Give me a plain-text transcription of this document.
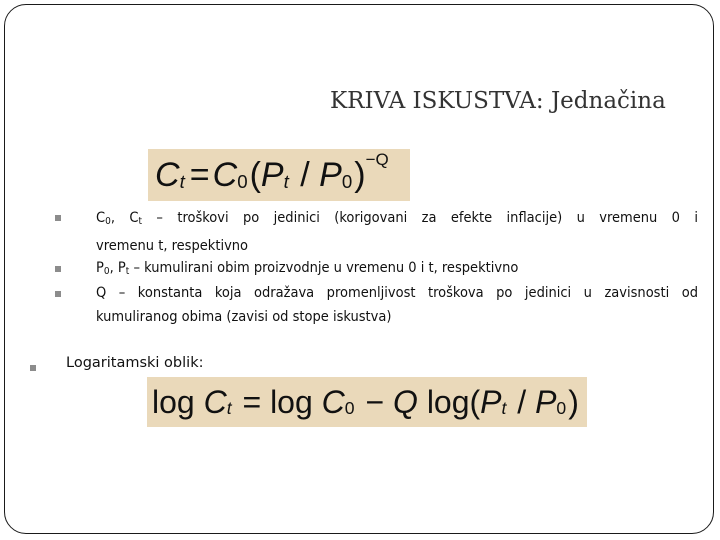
KRIVA ISKUSTVA: Jednačina
C t = C 0 ( P t / P 0 ) −Q
C0, Ct – troškovi po jedinici (korigovani za efekte inflacije) u vremenu 0 i
vremenu t, respektivno
P0, Pt – kumulirani obim proizvodnje u vremenu 0 i t, respektivno
Q – konstanta koja odražava promenljivost troškova po jedinici u zavisnosti od
kumuliranog obima (zavisi od stope iskustva)
Logaritamski oblik:
log C t = log C 0 − Q log( P t / P 0 )
